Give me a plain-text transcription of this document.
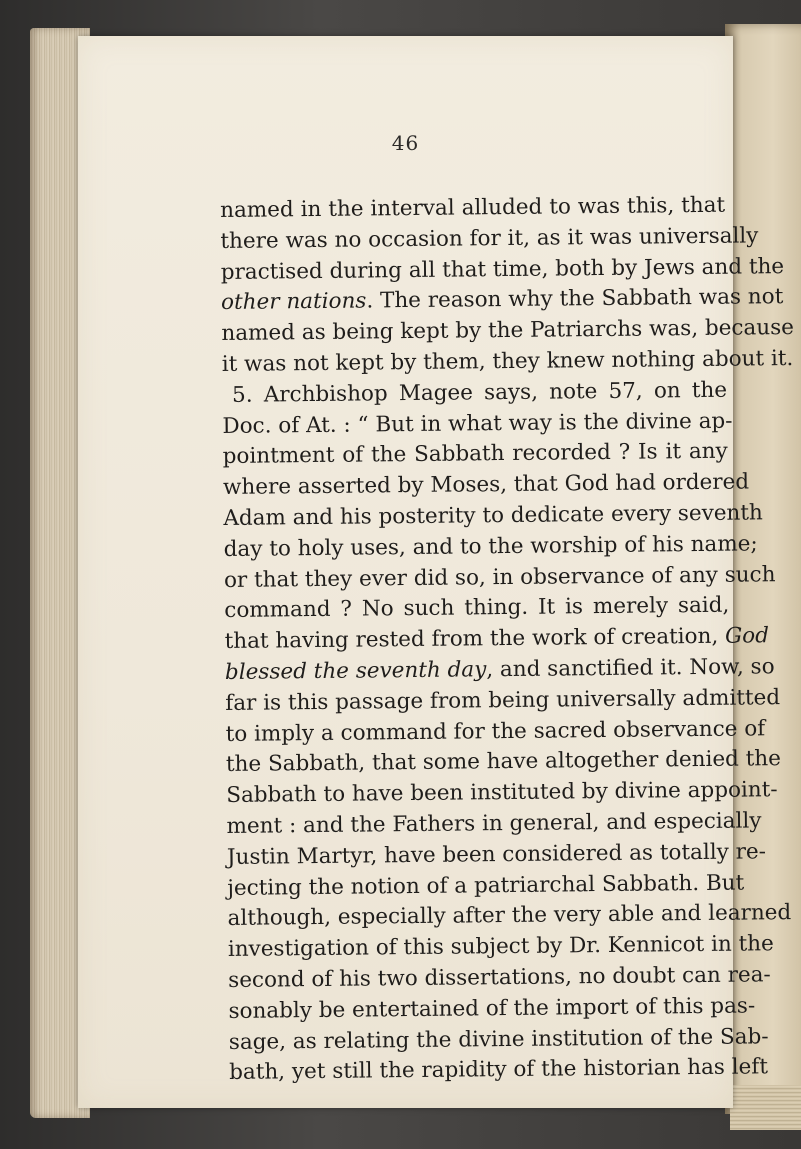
46
named in the interval alluded to was this, that
there was no occasion for it, as it was universally
practised during all that time, both by Jews and the
other nations. The reason why the Sabbath was not
named as being kept by the Patriarchs was, because
it was not kept by them, they knew nothing about it.
5. Archbishop Magee says, note 57, on the
Doc. of At. : “ But in what way is the divine ap-
pointment of the Sabbath recorded ? Is it any
where asserted by Moses, that God had ordered
Adam and his posterity to dedicate every seventh
day to holy uses, and to the worship of his name;
or that they ever did so, in observance of any such
command ? No such thing. It is merely said,
that having rested from the work of creation, God
blessed the seventh day, and sanctified it. Now, so
far is this passage from being universally admitted
to imply a command for the sacred observance of
the Sabbath, that some have altogether denied the
Sabbath to have been instituted by divine appoint-
ment : and the Fathers in general, and especially
Justin Martyr, have been considered as totally re-
jecting the notion of a patriarchal Sabbath. But
although, especially after the very able and learned
investigation of this subject by Dr. Kennicot in the
second of his two dissertations, no doubt can rea-
sonably be entertained of the import of this pas-
sage, as relating the divine institution of the Sab-
bath, yet still the rapidity of the historian has left
